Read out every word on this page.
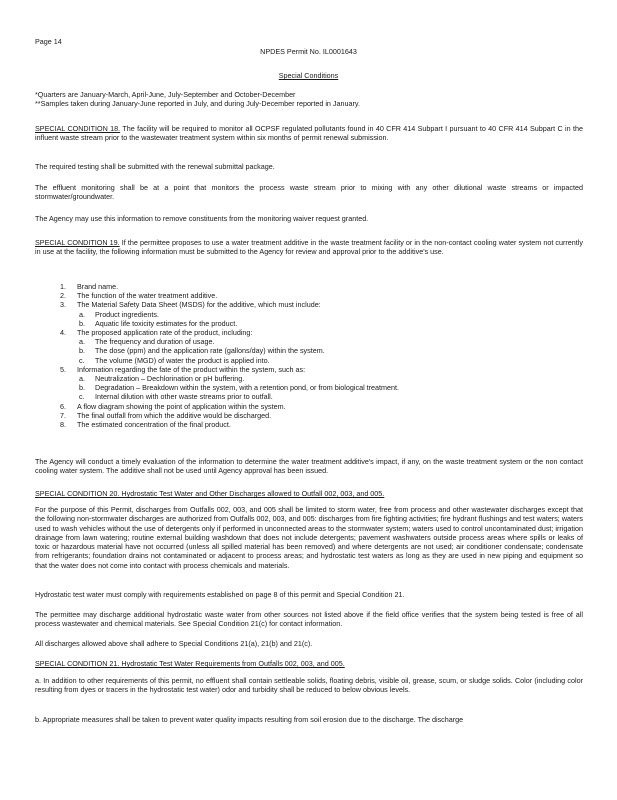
Page 14
NPDES Permit No. IL0001643
Special Conditions
*Quarters are January-March, April-June, July-September and October-December
**Samples taken during January-June reported in July, and during July-December reported in January.
SPECIAL CONDITION 18. The facility will be required to monitor all OCPSF regulated pollutants found in 40 CFR 414 Subpart I pursuant to 40 CFR 414 Subpart C in the influent waste stream prior to the wastewater treatment system within six months of permit renewal submission.
The required testing shall be submitted with the renewal submittal package.
The effluent monitoring shall be at a point that monitors the process waste stream prior to mixing with any other dilutional waste streams or impacted stormwater/groundwater.
The Agency may use this information to remove constituents from the monitoring waiver request granted.
SPECIAL CONDITION 19. If the permittee proposes to use a water treatment additive in the waste treatment facility or in the non-contact cooling water system not currently in use at the facility, the following information must be submitted to the Agency for review and approval prior to the additive's use.
1. Brand name.
2. The function of the water treatment additive.
3. The Material Safety Data Sheet (MSDS) for the additive, which must include:
a. Product ingredients.
b. Aquatic life toxicity estimates for the product.
4. The proposed application rate of the product, including:
a. The frequency and duration of usage.
b. The dose (ppm) and the application rate (gallons/day) within the system.
c. The volume (MGD) of water the product is applied into.
5. Information regarding the fate of the product within the system, such as:
a. Neutralization – Dechlorination or pH buffering.
b. Degradation – Breakdown within the system, with a retention pond, or from biological treatment.
c. Internal dilution with other waste streams prior to outfall.
6. A flow diagram showing the point of application within the system.
7. The final outfall from which the additive would be discharged.
8. The estimated concentration of the final product.
The Agency will conduct a timely evaluation of the information to determine the water treatment additive's impact, if any, on the waste treatment system or the non contact cooling water system. The additive shall not be used until Agency approval has been issued.
SPECIAL CONDITION 20. Hydrostatic Test Water and Other Discharges allowed to Outfall 002, 003, and 005.
For the purpose of this Permit, discharges from Outfalls 002, 003, and 005 shall be limited to storm water, free from process and other wastewater discharges except that the following non-stormwater discharges are authorized from Outfalls 002, 003, and 005: discharges from fire fighting activities; fire hydrant flushings and test waters; waters used to wash vehicles without the use of detergents only if performed in unconnected areas to the stormwater system; waters used to control uncontaminated dust; irrigation drainage from lawn watering; routine external building washdown that does not include detergents; pavement washwaters outside process areas where spills or leaks of toxic or hazardous material have not occurred (unless all spilled material has been removed) and where detergents are not used; air conditioner condensate; condensate from refrigerants; foundation drains not contaminated or adjacent to process areas; and hydrostatic test waters as long as they are used in new piping and equipment so that the water does not come into contact with process chemicals and materials.
Hydrostatic test water must comply with requirements established on page 8 of this permit and Special Condition 21.
The permittee may discharge additional hydrostatic waste water from other sources not listed above if the field office verifies that the system being tested is free of all process wastewater and chemical materials. See Special Condition 21(c) for contact information.
All discharges allowed above shall adhere to Special Conditions 21(a), 21(b) and 21(c).
SPECIAL CONDITION 21. Hydrostatic Test Water Requirements from Outfalls 002, 003, and 005.
a. In addition to other requirements of this permit, no effluent shall contain settleable solids, floating debris, visible oil, grease, scum, or sludge solids. Color (including color resulting from dyes or tracers in the hydrostatic test water) odor and turbidity shall be reduced to below obvious levels.
b. Appropriate measures shall be taken to prevent water quality impacts resulting from soil erosion due to the discharge. The discharge
